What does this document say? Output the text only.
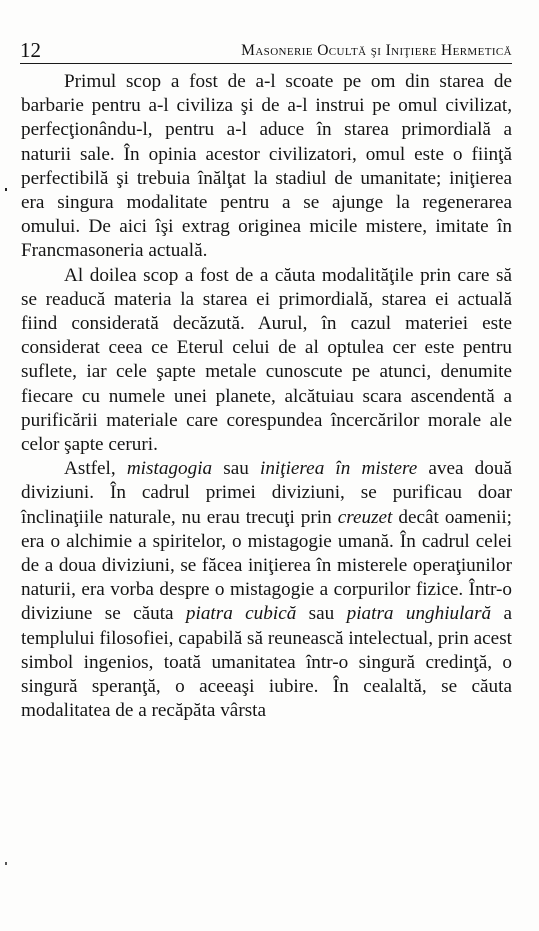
12	Masonerie Ocultă şi Iniţiere Hermetică

Primul scop a fost de a-l scoate pe om din starea de barbarie pentru a-l civiliza şi de a-l instrui pe omul civilizat, perfecţionându-l, pentru a-l aduce în starea primordială a naturii sale. În opinia acestor civilizatori, omul este o fiinţă perfectibilă şi trebuia înălţat la stadiul de umanitate; iniţierea era singura modalitate pentru a se ajunge la regenerarea omului. De aici îşi extrag originea micile mistere, imitate în Francmasoneria actuală.

Al doilea scop a fost de a căuta modalităţile prin care să se readucă materia la starea ei primordială, starea ei actuală fiind considerată decăzută. Aurul, în cazul materiei este considerat ceea ce Eterul celui de al optulea cer este pentru suflete, iar cele şapte metale cunoscute pe atunci, denumite fiecare cu numele unei planete, alcătuiau scara ascendentă a purificării materiale care corespundea încercărilor morale ale celor şapte ceruri.

Astfel, mistagogia sau iniţierea în mistere avea două diviziuni. În cadrul primei diviziuni, se purificau doar înclinaţiile naturale, nu erau trecuţi prin creuzet decât oamenii; era o alchimie a spiritelor, o mistagogie umană. În cadrul celei de a doua diviziuni, se făcea iniţierea în misterele operaţiunilor naturii, era vorba despre o mistagogie a corpurilor fizice. Într-o diviziune se căuta piatra cubică sau piatra unghiulară a templului filosofiei, capabilă să reunească intelectual, prin acest simbol ingenios, toată umanitatea într-o singură credinţă, o singură speranţă, o aceeaşi iubire. În cealaltă, se căuta modalitatea de a recăpăta vârsta
